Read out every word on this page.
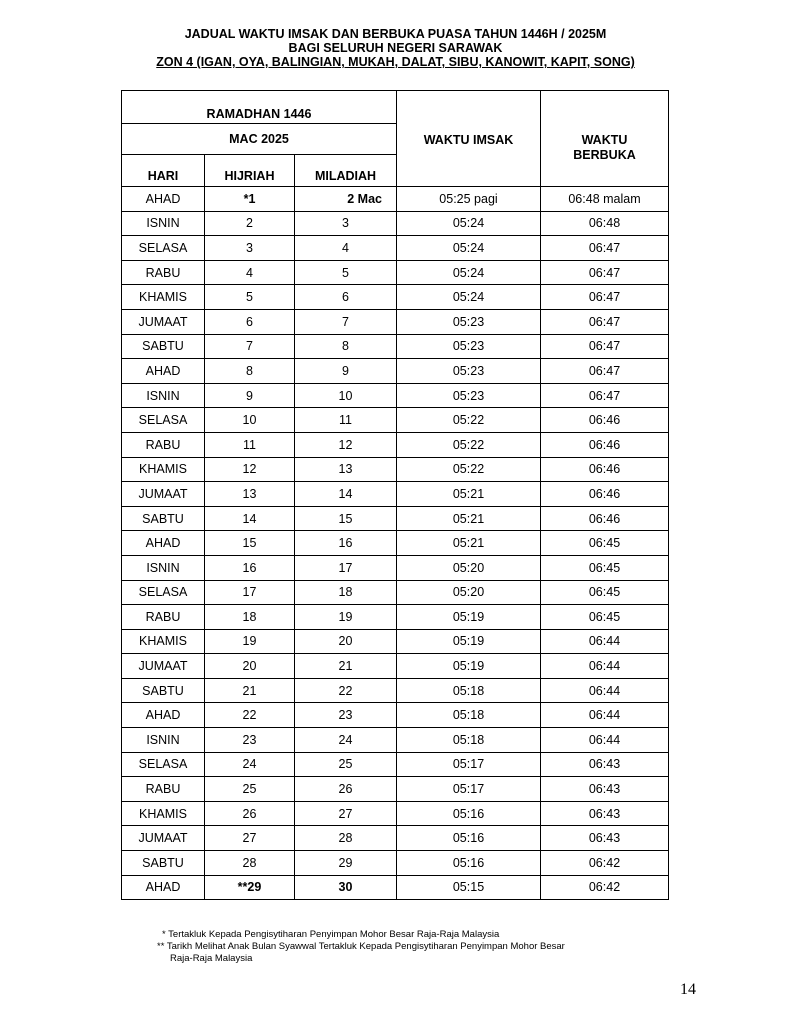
JADUAL WAKTU IMSAK DAN BERBUKA PUASA TAHUN 1446H / 2025M
BAGI SELURUH NEGERI SARAWAK
ZON 4 (IGAN, OYA, BALINGIAN, MUKAH, DALAT, SIBU, KANOWIT, KAPIT, SONG)
RAMADHAN 1446			WAKTU IMSAK	WAKTU
BERBUKA

MAC 2025				
HARI	HIJRIAH	MILADIAH		
AHAD	*1	2 Mac	05:25 pagi	06:48 malam
ISNIN	2	3	05:24	06:48
SELASA	3	4	05:24	06:47
RABU	4	5	05:24	06:47
KHAMIS	5	6	05:24	06:47
JUMAAT	6	7	05:23	06:47
SABTU	7	8	05:23	06:47
AHAD	8	9	05:23	06:47
ISNIN	9	10	05:23	06:47
SELASA	10	11	05:22	06:46
RABU	11	12	05:22	06:46
KHAMIS	12	13	05:22	06:46
JUMAAT	13	14	05:21	06:46
SABTU	14	15	05:21	06:46
AHAD	15	16	05:21	06:45
ISNIN	16	17	05:20	06:45
SELASA	17	18	05:20	06:45
RABU	18	19	05:19	06:45
KHAMIS	19	20	05:19	06:44
JUMAAT	20	21	05:19	06:44
SABTU	21	22	05:18	06:44
AHAD	22	23	05:18	06:44
ISNIN	23	24	05:18	06:44
SELASA	24	25	05:17	06:43
RABU	25	26	05:17	06:43
KHAMIS	26	27	05:16	06:43
JUMAAT	27	28	05:16	06:43
SABTU	28	29	05:16	06:42
AHAD	**29	30	05:15	06:42
* Tertakluk Kepada Pengisytiharan Penyimpan Mohor Besar Raja-Raja Malaysia
** Tarikh Melihat Anak Bulan Syawwal Tertakluk Kepada Pengisytiharan Penyimpan Mohor Besar
Raja-Raja Malaysia
14
